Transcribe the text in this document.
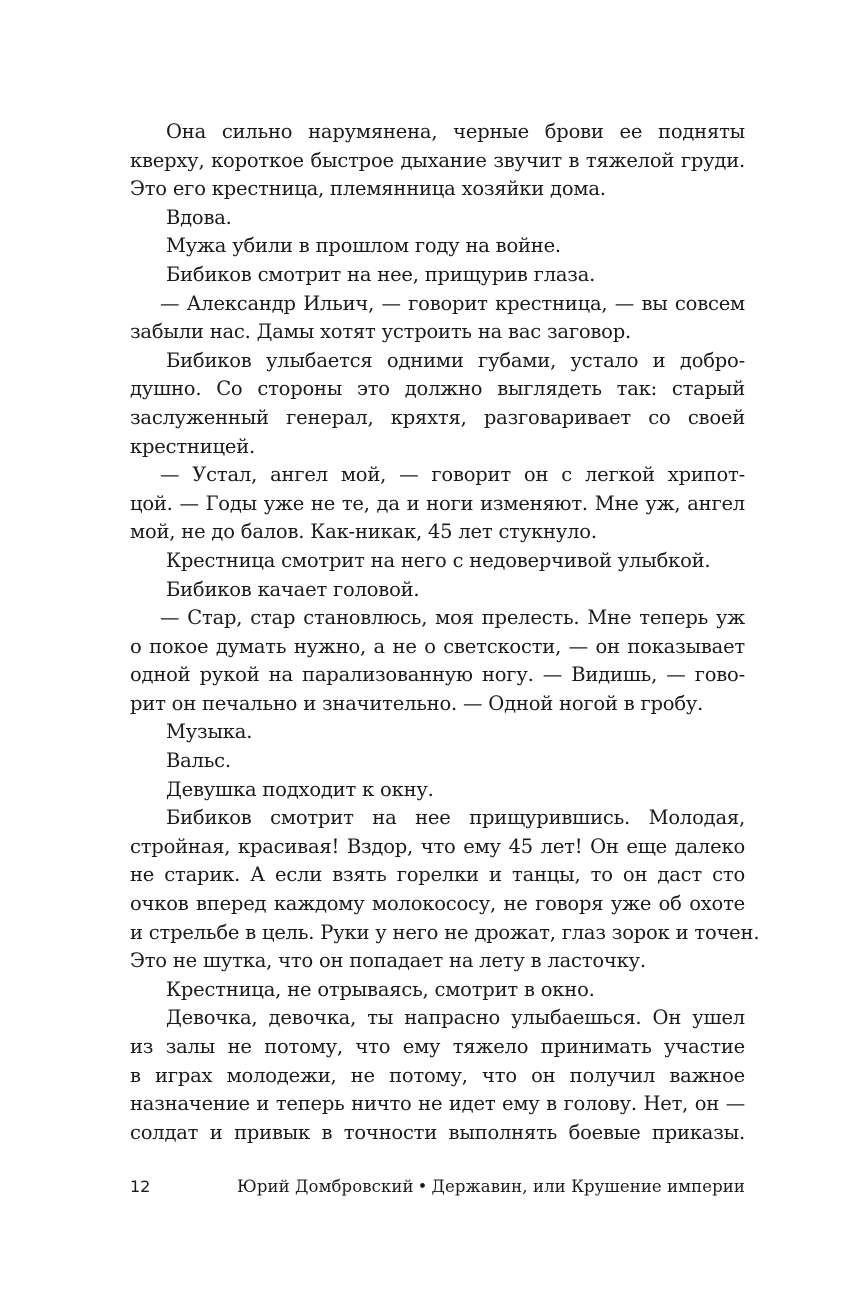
Она сильно нарумянена, черные брови ее подняты
кверху, короткое быстрое дыхание звучит в тяжелой груди.
Это его крестница, племянница хозяйки дома.
Вдова.
Мужа убили в прошлом году на войне.
Бибиков смотрит на нее, прищурив глаза.
— Александр Ильич, — говорит крестница, — вы совсем
забыли нас. Дамы хотят устроить на вас заговор.
Бибиков улыбается одними губами, устало и добро-
душно. Со стороны это должно выглядеть так: старый
заслуженный генерал, кряхтя, разговаривает со своей
крестницей.
— Устал, ангел мой, — говорит он с легкой хрипот-
цой. — Годы уже не те, да и ноги изменяют. Мне уж, ангел
мой, не до балов. Как-никак, 45 лет стукнуло.
Крестница смотрит на него с недоверчивой улыбкой.
Бибиков качает головой.
— Стар, стар становлюсь, моя прелесть. Мне теперь уж
о покое думать нужно, а не о светскости, — он показывает
одной рукой на парализованную ногу. — Видишь, — гово-
рит он печально и значительно. — Одной ногой в гробу.
Музыка.
Вальс.
Девушка подходит к окну.
Бибиков смотрит на нее прищурившись. Молодая,
стройная, красивая! Вздор, что ему 45 лет! Он еще далеко
не старик. А если взять горелки и танцы, то он даст сто
очков вперед каждому молокососу, не говоря уже об охоте
и стрельбе в цель. Руки у него не дрожат, глаз зорок и точен.
Это не шутка, что он попадает на лету в ласточку.
Крестница, не отрываясь, смотрит в окно.
Девочка, девочка, ты напрасно улыбаешься. Он ушел
из залы не потому, что ему тяжело принимать участие
в играх молодежи, не потому, что он получил важное
назначение и теперь ничто не идет ему в голову. Нет, он —
солдат и привык в точности выполнять боевые приказы.
12	Юрий Домбровский • Державин, или Крушение империи
